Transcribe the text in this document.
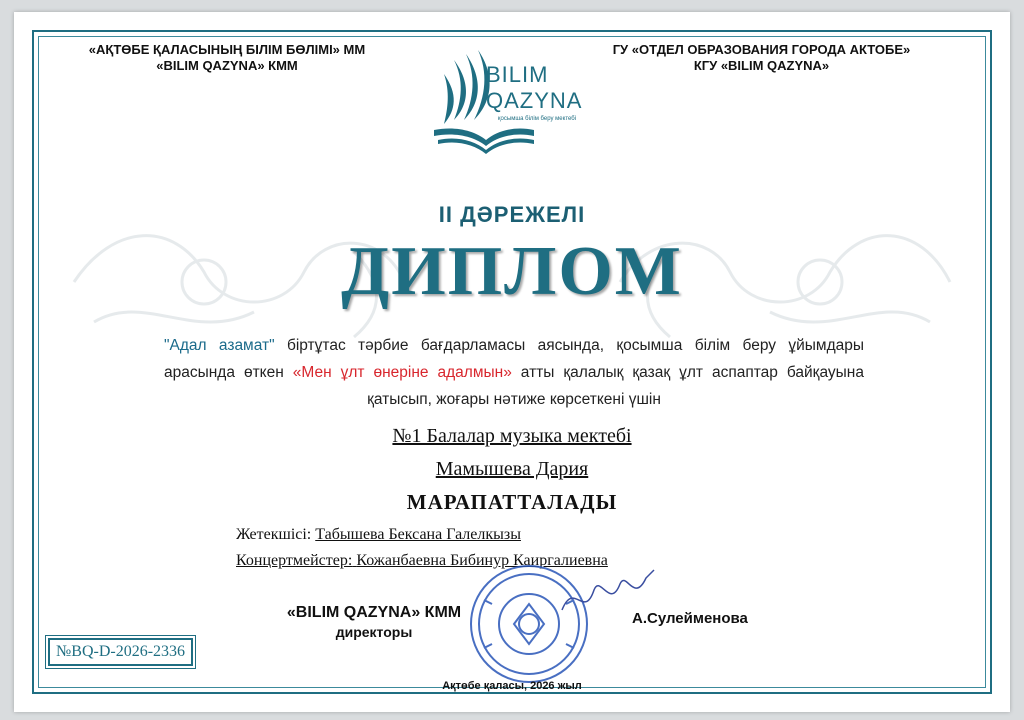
«АҚТӨБЕ ҚАЛАСЫНЫҢ БІЛІМ БӨЛІМІ» ММ
«BILIM QAZYNA» КММ
ГУ «ОТДЕЛ ОБРАЗОВАНИЯ ГОРОДА АКТОБЕ»
КГУ «BILIM QAZYNA»
BILIM
QAZYNA
қосымша білім беру мектебі
II ДӘРЕЖЕЛІ
ДИПЛОМ
"Адал азамат" біртұтас тәрбие бағдарламасы аясында, қосымша білім беру ұйымдары арасында өткен «Мен ұлт өнеріне адалмын» атты қалалық қазақ ұлт аспаптар байқауына қатысып, жоғары нәтиже көрсеткені үшін
№1 Балалар музыка мектебі
Мамышева Дария
МАРАПАТТАЛАДЫ
Жетекшісі: Табышева Бексана Галелкызы
Концертмейстер: Кожанбаевна Бибинур Каиргалиевна
«BILIM QAZYNA» КММ
директоры
А.Сулейменова
Ақтөбе қаласы, 2026 жыл
№BQ-D-2026-2336
